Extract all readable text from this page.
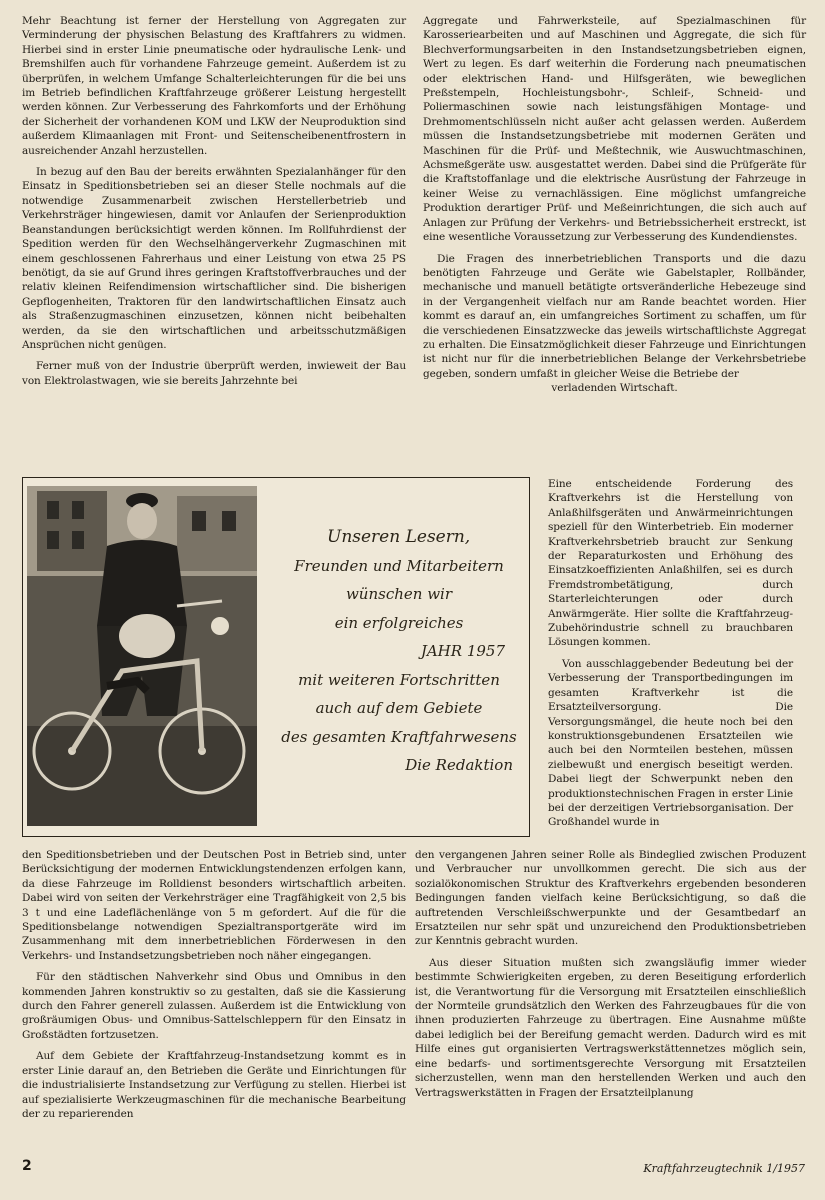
Mehr Beachtung ist ferner der Herstellung von Aggregaten zur Verminderung der physischen Belastung des Kraftfahrers zu widmen. Hierbei sind in erster Linie pneumatische oder hydraulische Lenk- und Bremshilfen auch für vorhandene Fahrzeuge gemeint. Außerdem ist zu überprüfen, in welchem Umfange Schalterleichterungen für die bei uns im Betrieb befindlichen Kraftfahrzeuge größerer Leistung hergestellt werden können. Zur Verbesserung des Fahrkomforts und der Erhöhung der Sicherheit der vorhandenen KOM und LKW der Neuproduktion sind außerdem Klimaanlagen mit Front- und Seitenscheibenentfrostern in ausreichender Anzahl herzustellen.

In bezug auf den Bau der bereits erwähnten Spezialanhänger für den Einsatz in Speditionsbetrieben sei an dieser Stelle nochmals auf die notwendige Zusammenarbeit zwischen Herstellerbetrieb und Verkehrsträger hingewiesen, damit vor Anlaufen der Serienproduktion Beanstandungen berücksichtigt werden können. Im Rollfuhrdienst der Spedition werden für den Wechselhängerverkehr Zugmaschinen mit einem geschlossenen Fahrerhaus und einer Leistung von etwa 25 PS benötigt, da sie auf Grund ihres geringen Kraftstoffverbrauches und der relativ kleinen Reifendimension wirtschaftlicher sind. Die bisherigen Gepflogenheiten, Traktoren für den landwirtschaftlichen Einsatz auch als Straßenzugmaschinen einzusetzen, können nicht beibehalten werden, da sie den wirtschaftlichen und arbeitsschutzmäßigen Ansprüchen nicht genügen.

Ferner muß von der Industrie überprüft werden, inwieweit der Bau von Elektrolastwagen, wie sie bereits Jahrzehnte bei

Aggregate und Fahrwerksteile, auf Spezialmaschinen für Karosseriearbeiten und auf Maschinen und Aggregate, die sich für Blechverformungsarbeiten in den Instandsetzungsbetrieben eignen, Wert zu legen. Es darf weiterhin die Forderung nach pneumatischen oder elektrischen Hand- und Hilfsgeräten, wie beweglichen Preßstempeln, Hochleistungsbohr-, Schleif-, Schneid- und Poliermaschinen sowie nach leistungsfähigen Montage- und Drehmomentschlüsseln nicht außer acht gelassen werden. Außerdem müssen die Instandsetzungsbetriebe mit modernen Geräten und Maschinen für die Prüf- und Meßtechnik, wie Auswuchtmaschinen, Achsmeßgeräte usw. ausgestattet werden. Dabei sind die Prüfgeräte für die Kraftstoffanlage und die elektrische Ausrüstung der Fahrzeuge in keiner Weise zu vernachlässigen. Eine möglichst umfangreiche Produktion derartiger Prüf- und Meßeinrichtungen, die sich auch auf Anlagen zur Prüfung der Verkehrs- und Betriebssicherheit erstreckt, ist eine wesentliche Voraussetzung zur Verbesserung des Kundendienstes.

Die Fragen des innerbetrieblichen Transports und die dazu benötigten Fahrzeuge und Geräte wie Gabelstapler, Rollbänder, mechanische und manuell betätigte ortsveränderliche Hebezeuge sind in der Vergangenheit vielfach nur am Rande beachtet worden. Hier kommt es darauf an, ein umfangreiches Sortiment zu schaffen, um für die verschiedenen Einsatzzwecke das jeweils wirtschaftlichste Aggregat zu erhalten. Die Einsatzmöglichkeit dieser Fahrzeuge und Einrichtungen ist nicht nur für die innerbetrieblichen Belange der Verkehrsbetriebe gegeben, sondern umfaßt in gleicher Weise die Betriebe der

verladenden Wirtschaft.

Unseren Lesern,
Freunden und Mitarbeitern
wünschen wir
ein erfolgreiches
JAHR 1957
mit weiteren Fortschritten
auch auf dem Gebiete
des gesamten Kraftfahrwesens
Die Redaktion

Eine entscheidende Forderung des Kraftverkehrs ist die Herstellung von Anlaßhilfsgeräten und Anwärmeinrichtungen speziell für den Winterbetrieb. Ein moderner Kraftverkehrsbetrieb braucht zur Senkung der Reparaturkosten und Erhöhung des Einsatzkoeffizienten Anlaßhilfen, sei es durch Fremdstrombetätigung, durch Starterleichterungen oder durch Anwärmgeräte. Hier sollte die Kraftfahrzeug-Zubehörindustrie schnell zu brauchbaren Lösungen kommen.

Von ausschlaggebender Bedeutung bei der Verbesserung der Transportbedingungen im gesamten Kraftverkehr ist die Ersatzteilversorgung. Die Versorgungsmängel, die heute noch bei den konstruktionsgebundenen Ersatzteilen wie auch bei den Normteilen bestehen, müssen zielbewußt und energisch beseitigt werden. Dabei liegt der Schwerpunkt neben den produktionstechnischen Fragen in erster Linie bei der derzeitigen Vertriebsorganisation. Der Großhandel wurde in

den Speditionsbetrieben und der Deutschen Post in Betrieb sind, unter Berücksichtigung der modernen Entwicklungstendenzen erfolgen kann, da diese Fahrzeuge im Rolldienst besonders wirtschaftlich arbeiten. Dabei wird von seiten der Verkehrsträger eine Tragfähigkeit von 2,5 bis 3 t und eine Ladeflächenlänge von 5 m gefordert. Auf die für die Speditionsbelange notwendigen Spezialtransportgeräte wird im Zusammenhang mit dem innerbetrieblichen Förderwesen in den Verkehrs- und Instandsetzungsbetrieben noch näher eingegangen.

Für den städtischen Nahverkehr sind Obus und Omnibus in den kommenden Jahren konstruktiv so zu gestalten, daß sie die Kassierung durch den Fahrer generell zulassen. Außerdem ist die Entwicklung von großräumigen Obus- und Omnibus-Sattelschleppern für den Einsatz in Großstädten fortzusetzen.

Auf dem Gebiete der Kraftfahrzeug-Instandsetzung kommt es in erster Linie darauf an, den Betrieben die Geräte und Einrichtungen für die industrialisierte Instandsetzung zur Verfügung zu stellen. Hierbei ist auf spezialisierte Werkzeugmaschinen für die mechanische Bearbeitung der zu reparierenden

den vergangenen Jahren seiner Rolle als Bindeglied zwischen Produzent und Verbraucher nur unvollkommen gerecht. Die sich aus der sozialökonomischen Struktur des Kraftverkehrs ergebenden besonderen Bedingungen fanden vielfach keine Berücksichtigung, so daß die auftretenden Verschleißschwerpunkte und der Gesamtbedarf an Ersatzteilen nur sehr spät und unzureichend den Produktionsbetrieben zur Kenntnis gebracht wurden.

Aus dieser Situation mußten sich zwangsläufig immer wieder bestimmte Schwierigkeiten ergeben, zu deren Beseitigung erforderlich ist, die Verantwortung für die Versorgung mit Ersatzteilen einschließlich der Normteile grundsätzlich den Werken des Fahrzeugbaues für die von ihnen produzierten Fahrzeuge zu übertragen. Eine Ausnahme müßte dabei lediglich bei der Bereifung gemacht werden. Dadurch wird es mit Hilfe eines gut organisierten Vertragswerkstättennetzes möglich sein, eine bedarfs- und sortimentsgerechte Versorgung mit Ersatzteilen sicherzustellen, wenn man den herstellenden Werken und auch den Vertragswerkstätten in Fragen der Ersatzteilplanung

2	Kraftfahrzeugtechnik 1/1957
